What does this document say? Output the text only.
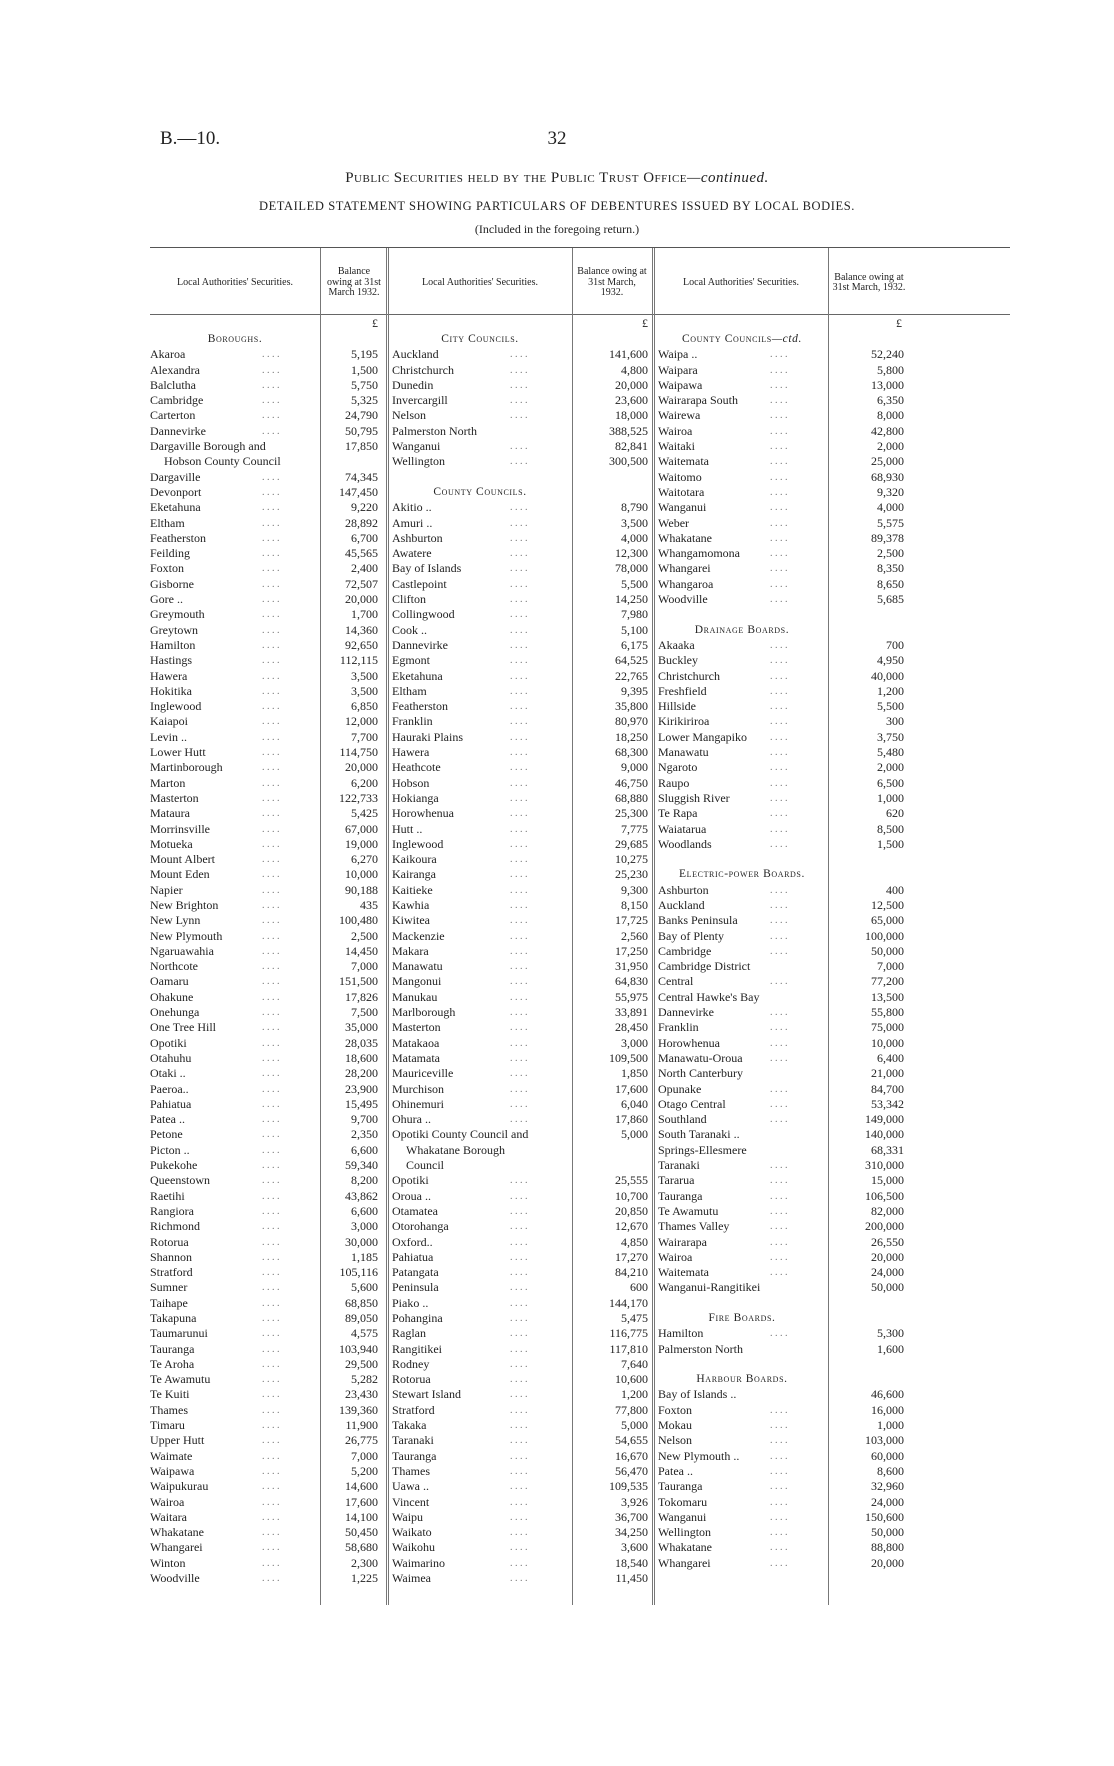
B.—10.	32
Public Securities held by the Public Trust Office—continued.
DETAILED STATEMENT SHOWING PARTICULARS OF DEBENTURES ISSUED BY LOCAL BODIES.
(Included in the foregoing return.)
Local Authorities' Securities.
Balance owing at 31st March 1932.
Local Authorities' Securities.
Balance owing at 31st March, 1932.
Local Authorities' Securities.	Balance owing at 31st March, 1932.
£	£	£
Boroughs.
Akaroa	. . . .	5,195
Alexandra	. . . .	1,500
Balclutha	. . . .	5,750
Cambridge	. . . .	5,325
Carterton	. . . .	24,790
Dannevirke	. . . .	50,795
Dargaville Borough and	17,850
Hobson County Council
Dargaville	. . . .	74,345
Devonport	. . . .	147,450
Eketahuna	. . . .	9,220
Eltham	. . . .	28,892
Featherston	. . . .	6,700
Feilding	. . . .	45,565
Foxton	. . . .	2,400
Gisborne	. . . .	72,507
Gore ..	. . . .	20,000
Greymouth	. . . .	1,700
Greytown	. . . .	14,360
Hamilton	. . . .	92,650
Hastings	. . . .	112,115
Hawera	. . . .	3,500
Hokitika	. . . .	3,500
Inglewood	. . . .	6,850
Kaiapoi	. . . .	12,000
Levin ..	. . . .	7,700
Lower Hutt	. . . .	114,750
Martinborough	. . . .	20,000
Marton	. . . .	6,200
Masterton	. . . .	122,733
Mataura	. . . .	5,425
Morrinsville	. . . .	67,000
Motueka	. . . .	19,000
Mount Albert	. . . .	6,270
Mount Eden	. . . .	10,000
Napier	. . . .	90,188
New Brighton	. . . .	435
New Lynn	. . . .	100,480
New Plymouth	. . . .	2,500
Ngaruawahia	. . . .	14,450
Northcote	. . . .	7,000
Oamaru	. . . .	151,500
Ohakune	. . . .	17,826
Onehunga	. . . .	7,500
One Tree Hill	. . . .	35,000
Opotiki	. . . .	28,035
Otahuhu	. . . .	18,600
Otaki ..	. . . .	28,200
Paeroa..	. . . .	23,900
Pahiatua	. . . .	15,495
Patea ..	. . . .	9,700
Petone	. . . .	2,350
Picton ..	. . . .	6,600
Pukekohe	. . . .	59,340
Queenstown	. . . .	8,200
Raetihi	. . . .	43,862
Rangiora	. . . .	6,600
Richmond	. . . .	3,000
Rotorua	. . . .	30,000
Shannon	. . . .	1,185
Stratford	. . . .	105,116
Sumner	. . . .	5,600
Taihape	. . . .	68,850
Takapuna	. . . .	89,050
Taumarunui	. . . .	4,575
Tauranga	. . . .	103,940
Te Aroha	. . . .	29,500
Te Awamutu	. . . .	5,282
Te Kuiti	. . . .	23,430
Thames	. . . .	139,360
Timaru	. . . .	11,900
Upper Hutt	. . . .	26,775
Waimate	. . . .	7,000
Waipawa	. . . .	5,200
Waipukurau	. . . .	14,600
Wairoa	. . . .	17,600
Waitara	. . . .	14,100
Whakatane	. . . .	50,450
Whangarei	. . . .	58,680
Winton	. . . .	2,300
Woodville	. . . .	1,225
City Councils.
Auckland	. . . .	141,600
Christchurch	. . . .	4,800
Dunedin	. . . .	20,000
Invercargill	. . . .	23,600
Nelson	. . . .	18,000
Palmerston North	388,525
Wanganui	. . . .	82,841
Wellington	. . . .	300,500
County Councils.
Akitio ..	. . . .	8,790
Amuri ..	. . . .	3,500
Ashburton	. . . .	4,000
Awatere	. . . .	12,300
Bay of Islands	. . . .	78,000
Castlepoint	. . . .	5,500
Clifton	. . . .	14,250
Collingwood	. . . .	7,980
Cook ..	. . . .	5,100
Dannevirke	. . . .	6,175
Egmont	. . . .	64,525
Eketahuna	. . . .	22,765
Eltham	. . . .	9,395
Featherston	. . . .	35,800
Franklin	. . . .	80,970
Hauraki Plains	. . . .	18,250
Hawera	. . . .	68,300
Heathcote	. . . .	9,000
Hobson	. . . .	46,750
Hokianga	. . . .	68,880
Horowhenua	. . . .	25,300
Hutt ..	. . . .	7,775
Inglewood	. . . .	29,685
Kaikoura	. . . .	10,275
Kairanga	. . . .	25,230
Kaitieke	. . . .	9,300
Kawhia	. . . .	8,150
Kiwitea	. . . .	17,725
Mackenzie	. . . .	2,560
Makara	. . . .	17,250
Manawatu	. . . .	31,950
Mangonui	. . . .	64,830
Manukau	. . . .	55,975
Marlborough	. . . .	33,891
Masterton	. . . .	28,450
Matakaoa	. . . .	3,000
Matamata	. . . .	109,500
Mauriceville	. . . .	1,850
Murchison	. . . .	17,600
Ohinemuri	. . . .	6,040
Ohura ..	. . . .	17,860
Opotiki County Council and	5,000
Whakatane Borough
Council
Opotiki	. . . .	25,555
Oroua ..	. . . .	10,700
Otamatea	. . . .	20,850
Otorohanga	. . . .	12,670
Oxford..	. . . .	4,850
Pahiatua	. . . .	17,270
Patangata	. . . .	84,210
Peninsula	. . . .	600
Piako ..	. . . .	144,170
Pohangina	. . . .	5,475
Raglan	. . . .	116,775
Rangitikei	. . . .	117,810
Rodney	. . . .	7,640
Rotorua	. . . .	10,600
Stewart Island	. . . .	1,200
Stratford	. . . .	77,800
Takaka	. . . .	5,000
Taranaki	. . . .	54,655
Tauranga	. . . .	16,670
Thames	. . . .	56,470
Uawa ..	. . . .	109,535
Vincent	. . . .	3,926
Waipu	. . . .	36,700
Waikato	. . . .	34,250
Waikohu	. . . .	3,600
Waimarino	. . . .	18,540
Waimea	. . . .	11,450
County Councils—ctd.
Waipa ..	. . . .	52,240
Waipara	. . . .	5,800
Waipawa	. . . .	13,000
Wairarapa South	. . . .	6,350
Wairewa	. . . .	8,000
Wairoa	. . . .	42,800
Waitaki	. . . .	2,000
Waitemata	. . . .	25,000
Waitomo	. . . .	68,930
Waitotara	. . . .	9,320
Wanganui	. . . .	4,000
Weber	. . . .	5,575
Whakatane	. . . .	89,378
Whangamomona	. . . .	2,500
Whangarei	. . . .	8,350
Whangaroa	. . . .	8,650
Woodville	. . . .	5,685
Drainage Boards.
Akaaka	. . . .	700
Buckley	. . . .	4,950
Christchurch	. . . .	40,000
Freshfield	. . . .	1,200
Hillside	. . . .	5,500
Kirikiriroa	. . . .	300
Lower Mangapiko . . . .	3,750
Manawatu	. . . .	5,480
Ngaroto	. . . .	2,000
Raupo	. . . .	6,500
Sluggish River	. . . .	1,000
Te Rapa	. . . .	620
Waiatarua	. . . .	8,500
Woodlands	. . . .	1,500
Electric-power Boards.
Ashburton	. . . .	400
Auckland	. . . .	12,500
Banks Peninsula	. . . .	65,000
Bay of Plenty	. . . .	100,000
Cambridge	. . . .	50,000
Cambridge District	7,000
Central	. . . .	77,200
Central Hawke's Bay	13,500
Dannevirke	. . . .	55,800
Franklin	. . . .	75,000
Horowhenua	. . . .	10,000
Manawatu-Oroua	. . . .	6,400
North Canterbury	21,000
Opunake	. . . .	84,700
Otago Central	. . . .	53,342
Southland	. . . .	149,000
South Taranaki ..	140,000
Springs-Ellesmere	68,331
Taranaki	. . . .	310,000
Tararua	. . . .	15,000
Tauranga	. . . .	106,500
Te Awamutu	. . . .	82,000
Thames Valley	. . . .	200,000
Wairarapa	. . . .	26,550
Wairoa	. . . .	20,000
Waitemata	. . . .	24,000
Wanganui-Rangitikei	50,000
Fire Boards.
Hamilton	. . . .	5,300
Palmerston North	1,600
Harbour Boards.
Bay of Islands ..	46,600
Foxton	. . . .	16,000
Mokau	. . . .	1,000
Nelson	. . . .	103,000
New Plymouth ..	. . . .	60,000
Patea ..	. . . .	8,600
Tauranga	. . . .	32,960
Tokomaru	. . . .	24,000
Wanganui	. . . .	150,600
Wellington	. . . .	50,000
Whakatane	. . . .	88,800
Whangarei	. . . .	20,000
